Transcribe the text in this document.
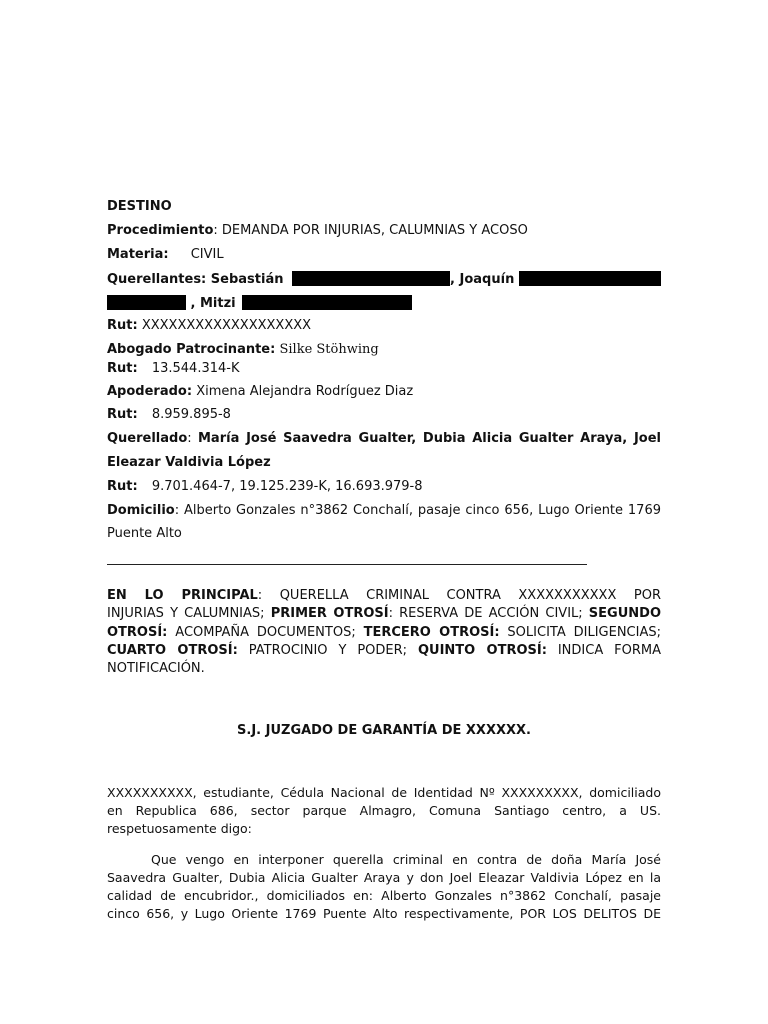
DESTINO
Procedimiento: DEMANDA POR INJURIAS, CALUMNIAS Y ACOSO
Materia: CIVIL
Querellantes: Sebastián	, Joaquín
, Mitzi
Rut: XXXXXXXXXXXXXXXXXXX
Abogado Patrocinante: Silke Stöhwing
Rut: 13.544.314-K
Apoderado: Ximena Alejandra Rodríguez Diaz
Rut: 8.959.895-8
Querellado: María José Saavedra Gualter, Dubia Alicia Gualter Araya, Joel
Eleazar Valdivia López
Rut: 9.701.464-7, 19.125.239-K, 16.693.979-8
Domicilio: Alberto Gonzales n°3862 Conchalí, pasaje cinco 656, Lugo Oriente 1769
Puente Alto
EN LO PRINCIPAL: QUERELLA CRIMINAL CONTRA XXXXXXXXXXX POR
INJURIAS Y CALUMNIAS; PRIMER OTROSÍ: RESERVA DE ACCIÓN CIVIL; SEGUNDO
OTROSÍ: ACOMPAÑA DOCUMENTOS; TERCERO OTROSÍ: SOLICITA DILIGENCIAS;
CUARTO OTROSÍ: PATROCINIO Y PODER; QUINTO OTROSÍ: INDICA FORMA
NOTIFICACIÓN.
S.J. JUZGADO DE GARANTÍA DE XXXXXX.
XXXXXXXXXX, estudiante, Cédula Nacional de Identidad Nº XXXXXXXXX, domiciliado
en Republica 686, sector parque Almagro, Comuna Santiago centro, a US.
respetuosamente digo:
Que vengo en interponer querella criminal en contra de doña María José
Saavedra Gualter, Dubia Alicia Gualter Araya y don Joel Eleazar Valdivia López en la
calidad de encubridor., domiciliados en: Alberto Gonzales n°3862 Conchalí, pasaje
cinco 656, y Lugo Oriente 1769 Puente Alto respectivamente, POR LOS DELITOS DE
